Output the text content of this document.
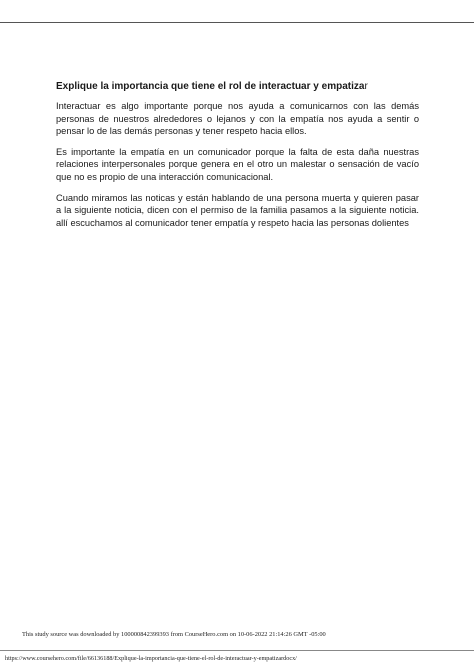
Explique la importancia que tiene el rol de interactuar y empatizar

Interactuar es algo importante porque nos ayuda a comunicarnos con las demás personas de nuestros alrededores o lejanos y con la empatía nos ayuda a sentir o pensar lo de las demás personas y tener respeto hacia ellos.

Es importante la empatía en un comunicador porque la falta de esta daña nuestras relaciones interpersonales porque genera en el otro un malestar o sensación de vacío que no es propio de una interacción comunicacional.

Cuando miramos las noticas y están hablando de una persona muerta y quieren pasar a la siguiente noticia, dicen con el permiso de la familia pasamos a la siguiente noticia. allí escuchamos al comunicador tener empatía y respeto hacia las personas dolientes

This study source was downloaded by 100000842399393 from CourseHero.com on 10-06-2022 21:14:26 GMT -05:00
https://www.coursehero.com/file/66136188/Explique-la-importancia-que-tiene-el-rol-de-interactuar-y-empatizardocx/
